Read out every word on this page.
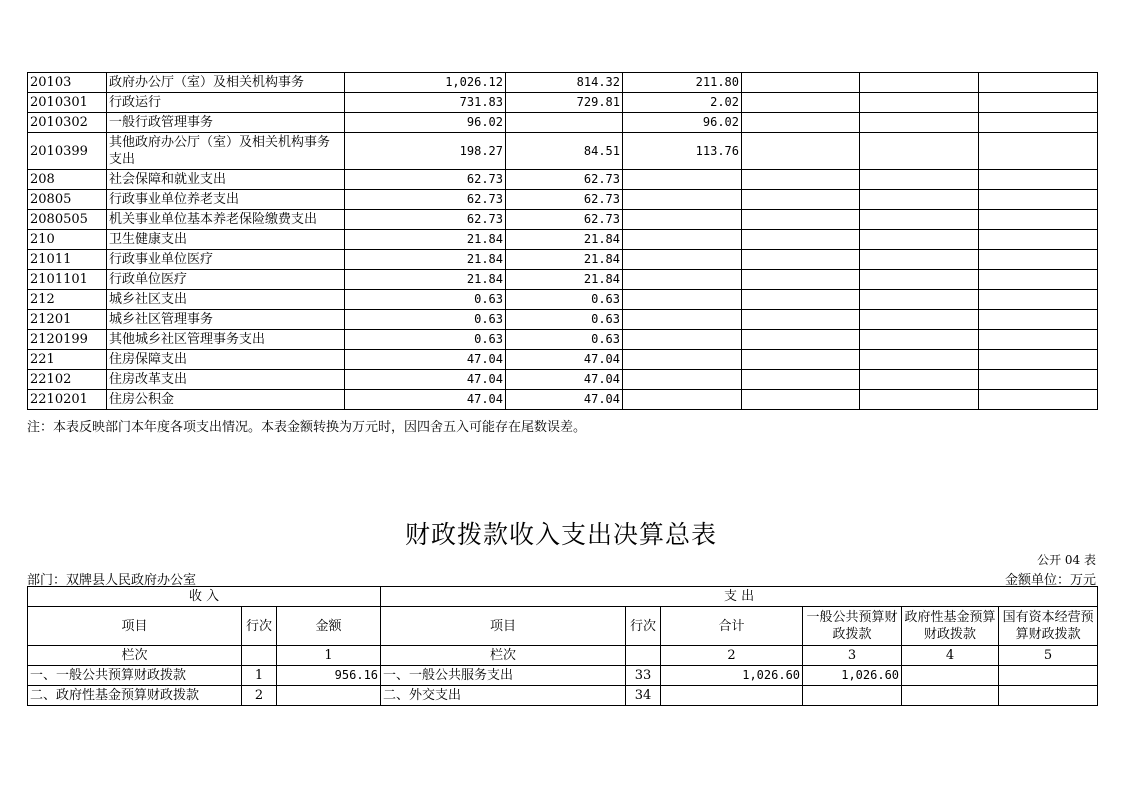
20103	政府办公厅（室）及相关机构事务	1,026.12	814.32	211.80			
2010301	行政运行	731.83	729.81	2.02			
2010302	一般行政管理事务	96.02		96.02			
2010399	其他政府办公厅（室）及相关机构事务支出	198.27	84.51	113.76			
208	社会保障和就业支出	62.73	62.73				
20805	行政事业单位养老支出	62.73	62.73				
2080505	机关事业单位基本养老保险缴费支出	62.73	62.73				
210	卫生健康支出	21.84	21.84				
21011	行政事业单位医疗	21.84	21.84				
2101101	行政单位医疗	21.84	21.84				
212	城乡社区支出	0.63	0.63				
21201	城乡社区管理事务	0.63	0.63				
2120199	其他城乡社区管理事务支出	0.63	0.63				
221	住房保障支出	47.04	47.04				
22102	住房改革支出	47.04	47.04				
2210201	住房公积金	47.04	47.04				
注：本表反映部门本年度各项支出情况。本表金额转换为万元时，因四舍五入可能存在尾数误差。
财政拨款收入支出决算总表
公开 04 表
部门：双牌县人民政府办公室	金额单位：万元
收 入			支 出					
项目	行次	金额	项目	行次	合计	一般公共预算财政拨款	政府性基金预算财政拨款	国有资本经营预算财政拨款
栏次		1	栏次		2	3	4	5
一、一般公共预算财政拨款	1	956.16	一、一般公共服务支出	33	1,026.60	1,026.60		
二、政府性基金预算财政拨款	2		二、外交支出	34				
